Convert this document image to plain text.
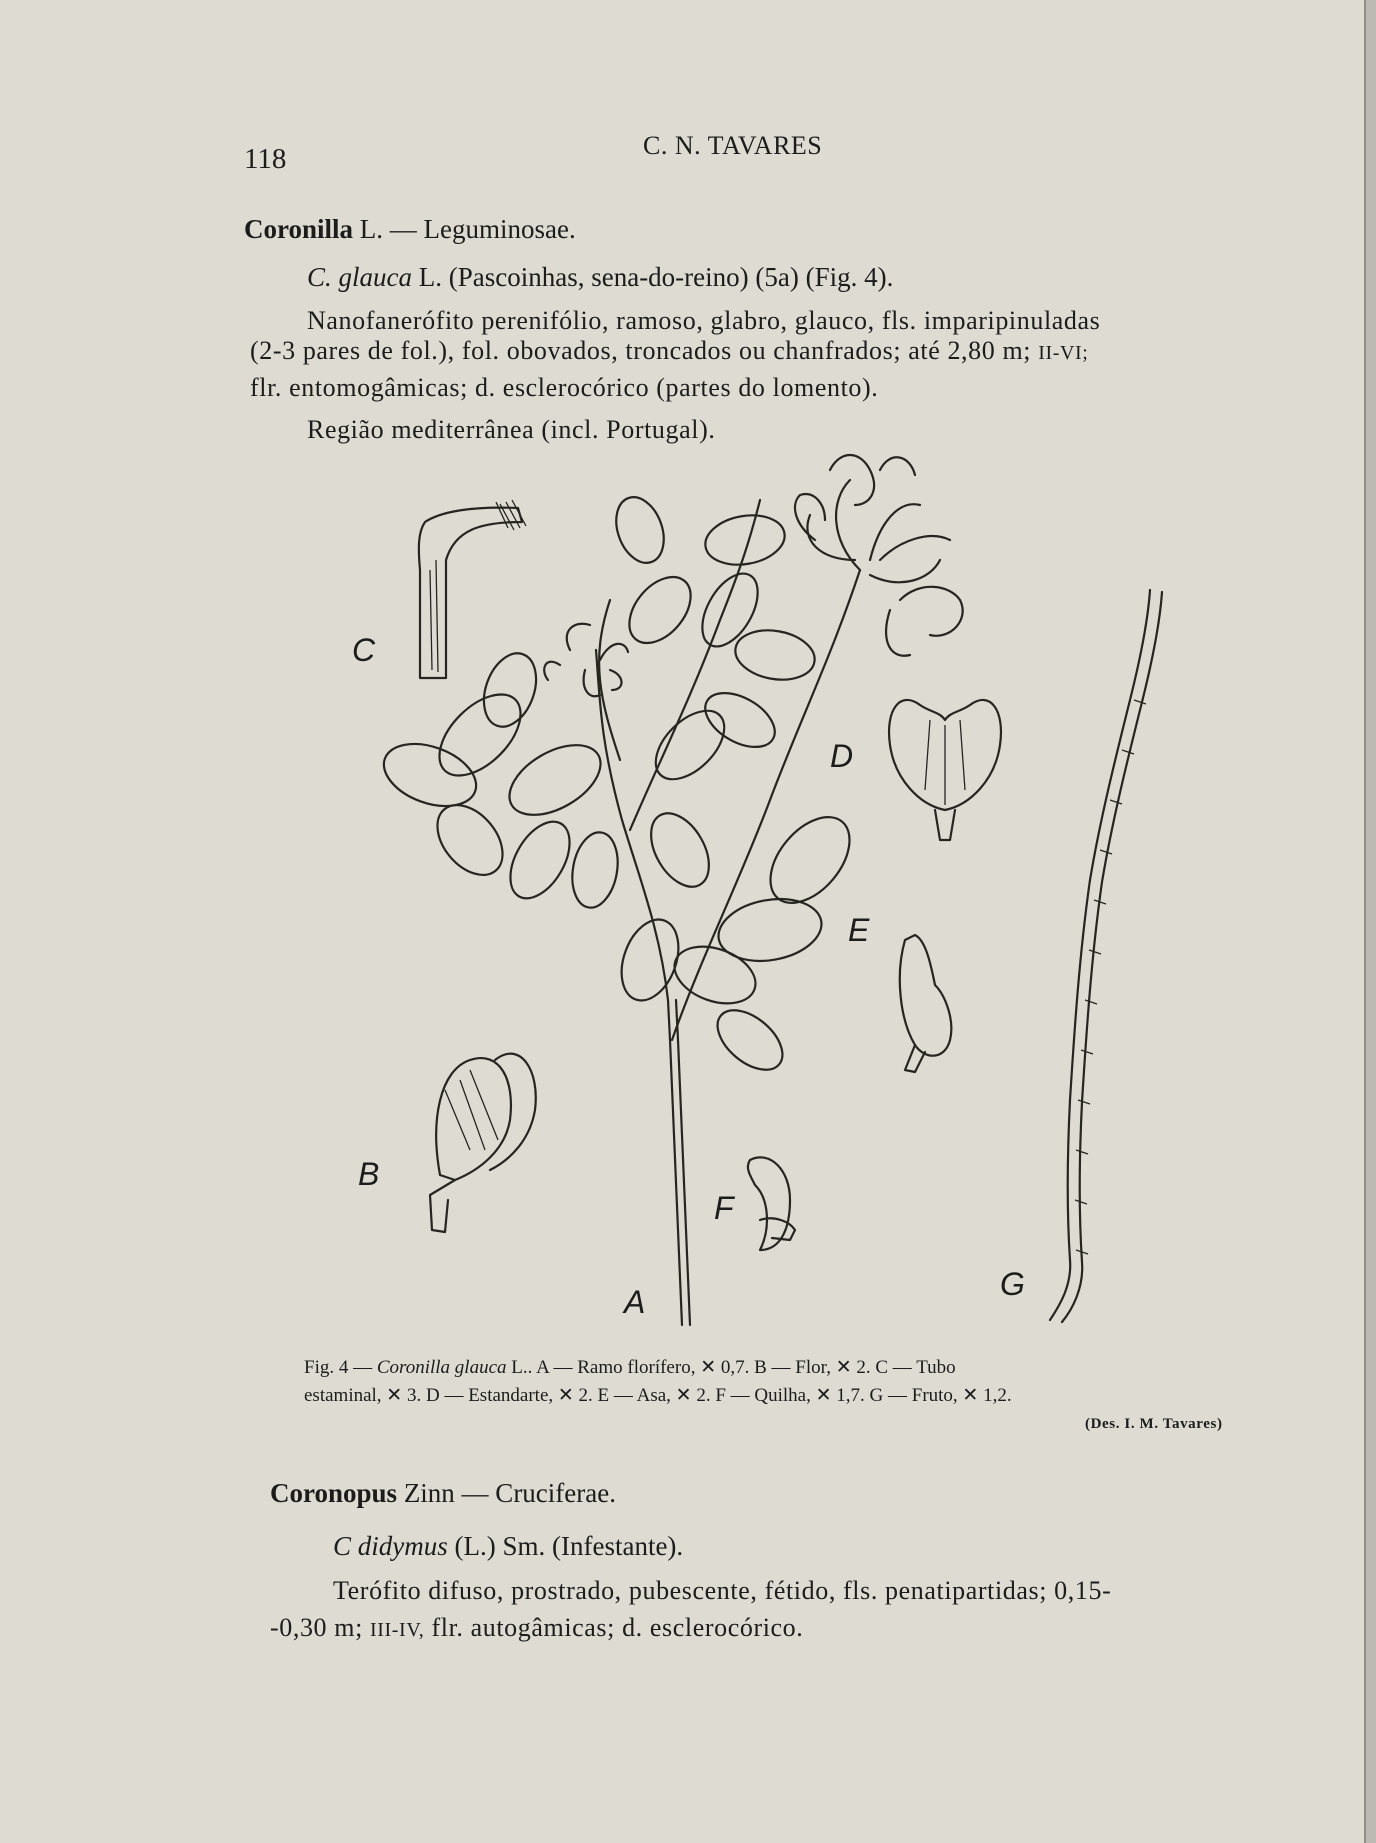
118	C. N. TAVARES
Coronilla L. — Leguminosae.
C. glauca L. (Pascoinhas, sena-do-reino) (5a) (Fig. 4).
Nanofanerófito perenifólio, ramoso, glabro, glauco, fls. imparipinuladas
(2-3 pares de fol.), fol. obovados, troncados ou chanfrados; até 2,80 m; II-VI;
flr. entomogâmicas; d. esclerocórico (partes do lomento).
Região mediterrânea (incl. Portugal).
C
D
E
B
F
G
A
Fig. 4 — Coronilla glauca L.. A — Ramo florífero, ✕ 0,7. B — Flor, ✕ 2. C — Tubo
estaminal, ✕ 3. D — Estandarte, ✕ 2. E — Asa, ✕ 2. F — Quilha, ✕ 1,7. G — Fruto, ✕ 1,2.
(Des. I. M. Tavares)
Coronopus Zinn — Cruciferae.
C didymus (L.) Sm. (Infestante).
Terófito difuso, prostrado, pubescente, fétido, fls. penatipartidas; 0,15-
-0,30 m; III-IV, flr. autogâmicas; d. esclerocórico.
